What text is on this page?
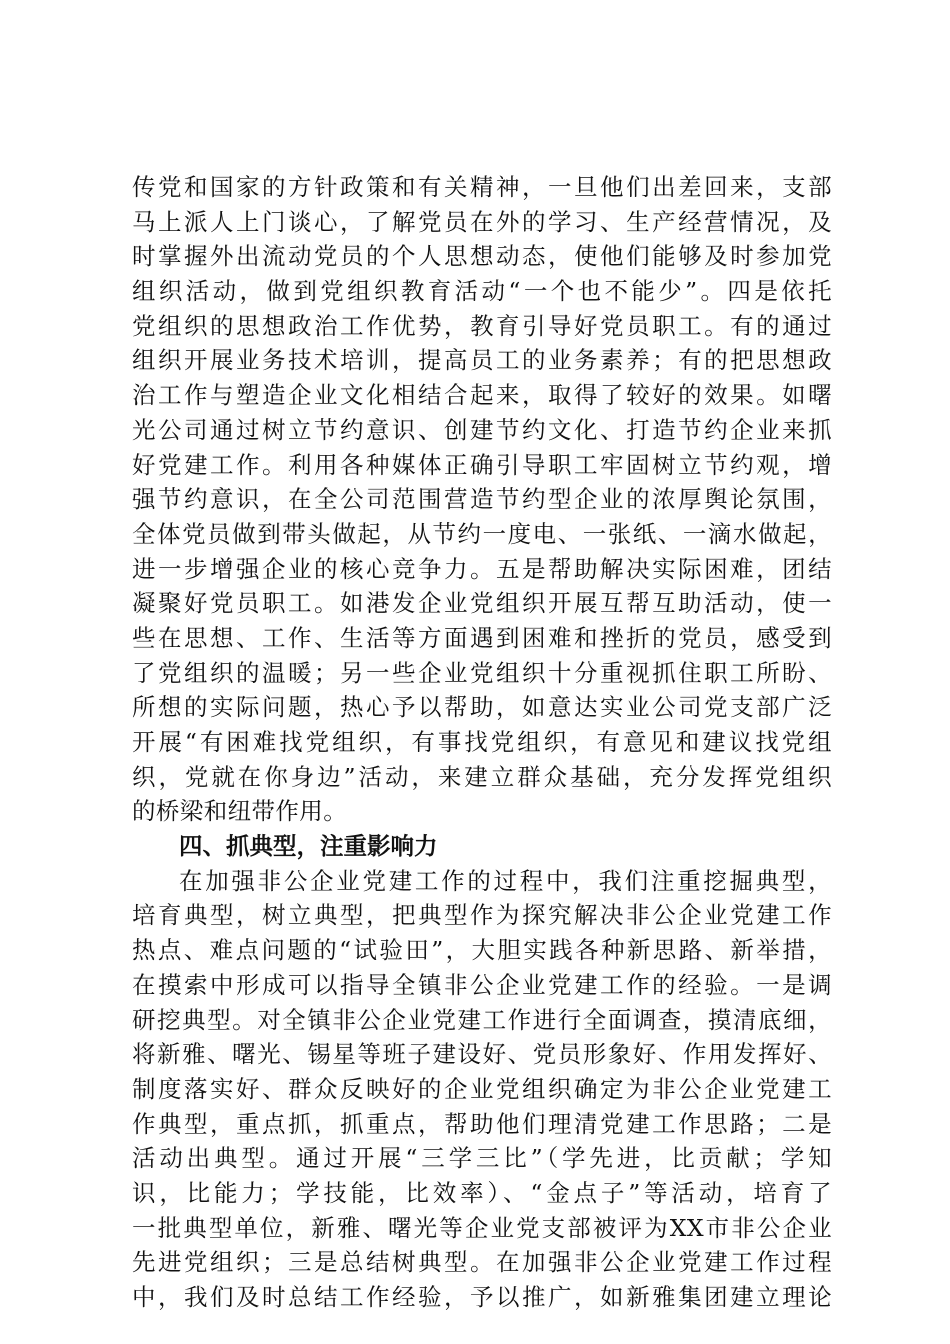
传党和国家的方针政策和有关精神，一旦他们出差回来，支部
马上派人上门谈心，了解党员在外的学习、生产经营情况，及
时掌握外出流动党员的个人思想动态，使他们能够及时参加党
组织活动，做到党组织教育活动“一个也不能少”。四是依托
党组织的思想政治工作优势，教育引导好党员职工。有的通过
组织开展业务技术培训，提高员工的业务素养；有的把思想政
治工作与塑造企业文化相结合起来，取得了较好的效果。如曙
光公司通过树立节约意识、创建节约文化、打造节约企业来抓
好党建工作。利用各种媒体正确引导职工牢固树立节约观，增
强节约意识，在全公司范围营造节约型企业的浓厚舆论氛围，
全体党员做到带头做起，从节约一度电、一张纸、一滴水做起，
进一步增强企业的核心竞争力。五是帮助解决实际困难，团结
凝聚好党员职工。如港发企业党组织开展互帮互助活动，使一
些在思想、工作、生活等方面遇到困难和挫折的党员，感受到
了党组织的温暖；另一些企业党组织十分重视抓住职工所盼、
所想的实际问题，热心予以帮助，如意达实业公司党支部广泛
开展“有困难找党组织，有事找党组织，有意见和建议找党组
织，党就在你身边”活动，来建立群众基础，充分发挥党组织
的桥梁和纽带作用。
四、抓典型，注重影响力
在加强非公企业党建工作的过程中，我们注重挖掘典型，
培育典型，树立典型，把典型作为探究解决非公企业党建工作
热点、难点问题的“试验田”，大胆实践各种新思路、新举措，
在摸索中形成可以指导全镇非公企业党建工作的经验。一是调
研挖典型。对全镇非公企业党建工作进行全面调查，摸清底细，
将新雅、曙光、锡星等班子建设好、党员形象好、作用发挥好、
制度落实好、群众反映好的企业党组织确定为非公企业党建工
作典型，重点抓，抓重点，帮助他们理清党建工作思路；二是
活动出典型。通过开展“三学三比”（学先进，比贡献；学知
识，比能力；学技能，比效率）、“金点子”等活动，培育了
一批典型单位，新雅、曙光等企业党支部被评为XX市非公企业
先进党组织；三是总结树典型。在加强非公企业党建工作过程
中，我们及时总结工作经验，予以推广，如新雅集团建立理论
